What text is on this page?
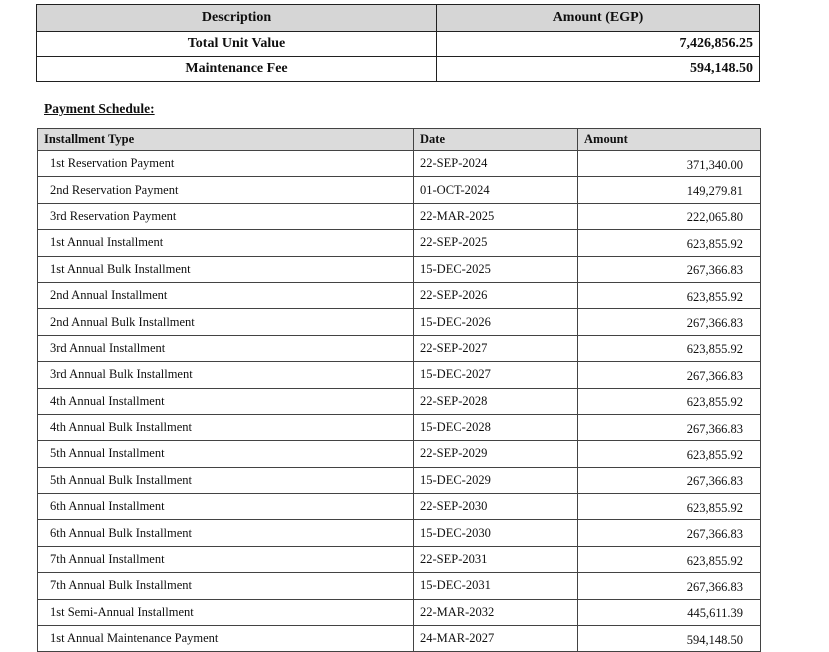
Description	Amount (EGP)
Total Unit Value	7,426,856.25
Maintenance Fee	594,148.50

Payment Schedule:

Installment Type	Date	Amount
1st Reservation Payment	22-SEP-2024	371,340.00
2nd Reservation Payment	01-OCT-2024	149,279.81
3rd Reservation Payment	22-MAR-2025	222,065.80
1st Annual Installment	22-SEP-2025	623,855.92
1st Annual Bulk Installment	15-DEC-2025	267,366.83
2nd Annual Installment	22-SEP-2026	623,855.92
2nd Annual Bulk Installment	15-DEC-2026	267,366.83
3rd Annual Installment	22-SEP-2027	623,855.92
3rd Annual Bulk Installment	15-DEC-2027	267,366.83
4th Annual Installment	22-SEP-2028	623,855.92
4th Annual Bulk Installment	15-DEC-2028	267,366.83
5th Annual Installment	22-SEP-2029	623,855.92
5th Annual Bulk Installment	15-DEC-2029	267,366.83
6th Annual Installment	22-SEP-2030	623,855.92
6th Annual Bulk Installment	15-DEC-2030	267,366.83
7th Annual Installment	22-SEP-2031	623,855.92
7th Annual Bulk Installment	15-DEC-2031	267,366.83
1st Semi-Annual Installment	22-MAR-2032	445,611.39
1st Annual Maintenance Payment	24-MAR-2027	594,148.50
